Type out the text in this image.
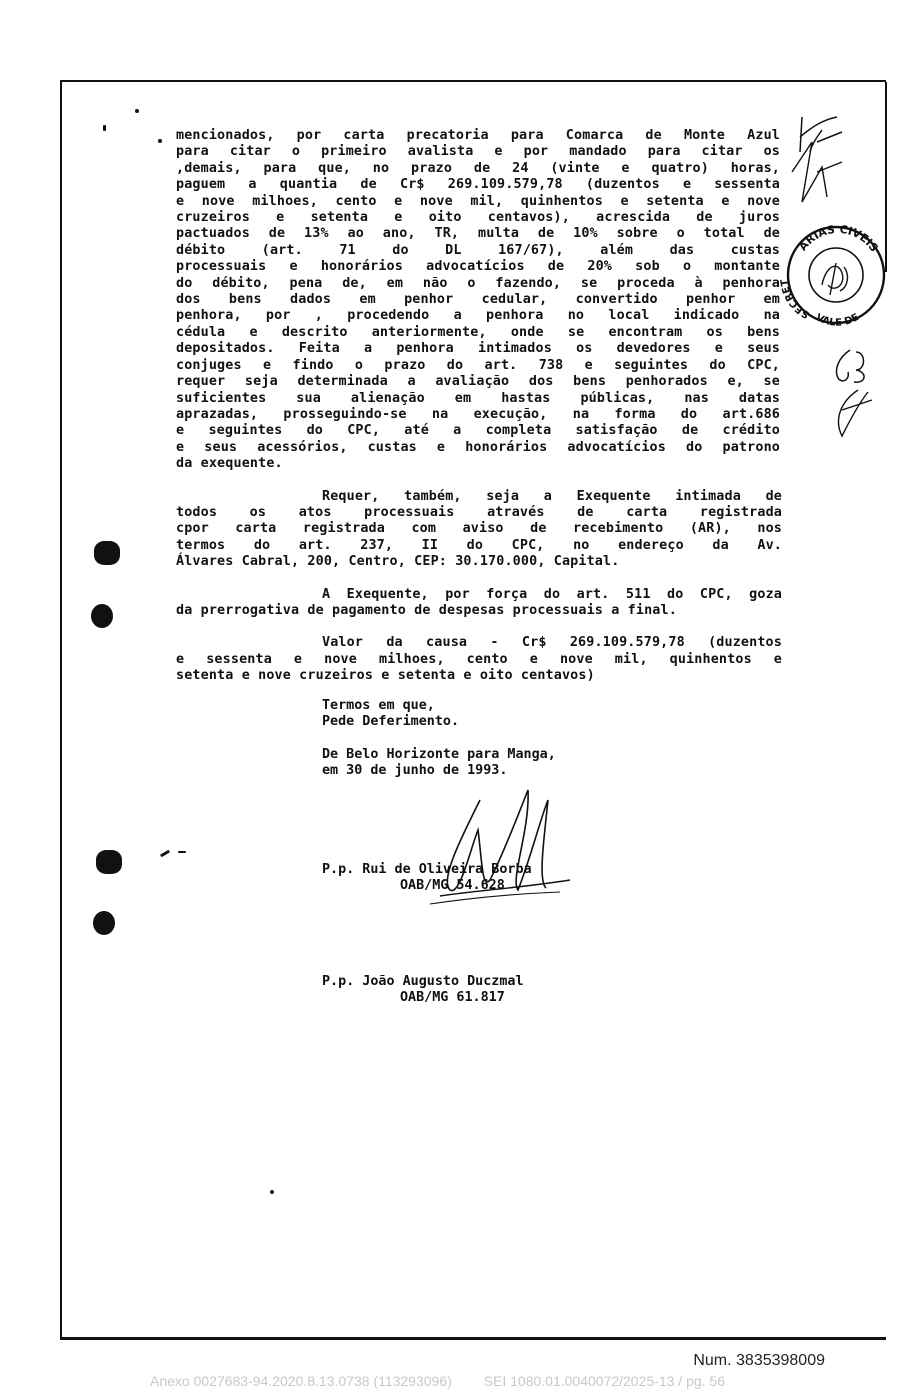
mencionados, por carta precatoria para Comarca de Monte Azul
para citar o primeiro avalista e por mandado para citar os
,demais, para que, no prazo de 24 (vinte e quatro) horas,
paguem a quantia de Cr$ 269.109.579,78 (duzentos e sessenta
e nove milhoes, cento e nove mil, quinhentos e setenta e nove
cruzeiros e setenta e oito centavos), acrescida de juros
pactuados de 13% ao ano, TR, multa de 10% sobre o total de
débito (art. 71 do DL 167/67), além das custas
processuais e honorários advocatícios de 20% sob o montante
do débito, pena de, em não o fazendo, se proceda à penhora
dos bens dados em penhor cedular, convertido penhor em
penhora, por , procedendo a penhora no local indicado na
cédula e descrito anteriormente, onde se encontram os bens
depositados. Feita a penhora intimados os devedores e seus
conjuges e findo o prazo do art. 738 e seguintes do CPC,
requer seja determinada a avaliação dos bens penhorados e, se
suficientes sua alienação em hastas públicas, nas datas
aprazadas, prosseguindo-se na execução, na forma do art.686
e seguintes do CPC, até a completa satisfação de crédito
e seus acessórios, custas e honorários advocatícios do patrono
da exequente.
Requer, também, seja a Exequente intimada de
todos os atos processuais através de carta registrada
cpor carta registrada com aviso de recebimento (AR), nos
termos do art. 237, II do CPC, no endereço da Av.
Álvares Cabral, 200, Centro, CEP: 30.170.000, Capital.
A Exequente, por força do art. 511 do CPC, goza
da prerrogativa de pagamento de despesas processuais a final.
Valor da causa - Cr$ 269.109.579,78 (duzentos
e sessenta e nove milhoes, cento e nove mil, quinhentos e
setenta e nove cruzeiros e setenta e oito centavos)
Termos em que,
Pede Deferimento.
De Belo Horizonte para Manga,
em 30 de junho de 1993.
P.p. Rui de Oliveira Borba
OAB/MG 54.628
P.p. João Augusto Duczmal
OAB/MG 61.817
ARIAS CIVEIS
SECRET
VALE DE
65
Num. 3835398009
Anexo 0027683-94.2020.8.13.0738 (113293096) SEI 1080.01.0040072/2025-13 / pg. 56
